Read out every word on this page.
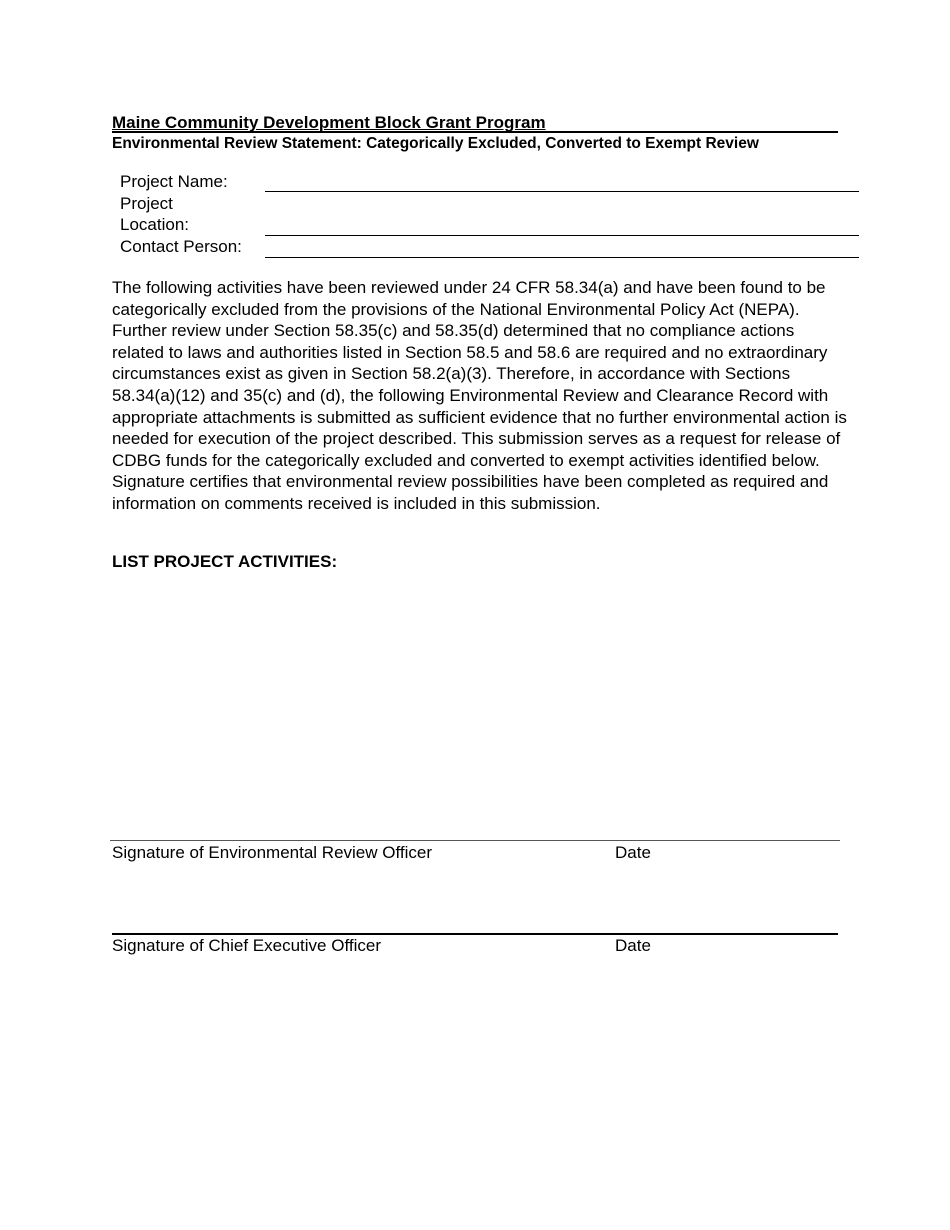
Maine Community Development Block Grant Program
Environmental Review Statement: Categorically Excluded, Converted to Exempt Review
Project Name:
Project
Location:
Contact Person:
The following activities have been reviewed under 24 CFR 58.34(a) and have been found to be categorically excluded from the provisions of the National Environmental Policy Act (NEPA). Further review under Section 58.35(c) and 58.35(d) determined that no compliance actions related to laws and authorities listed in Section 58.5 and 58.6 are required and no extraordinary circumstances exist as given in Section 58.2(a)(3). Therefore, in accordance with Sections 58.34(a)(12) and 35(c) and (d), the following Environmental Review and Clearance Record with appropriate attachments is submitted as sufficient evidence that no further environmental action is needed for execution of the project described. This submission serves as a request for release of CDBG funds for the categorically excluded and converted to exempt activities identified below. Signature certifies that environmental review possibilities have been completed as required and information on comments received is included in this submission.
LIST PROJECT ACTIVITIES:
Signature of Environmental Review Officer	Date
Signature of Chief Executive Officer	Date
